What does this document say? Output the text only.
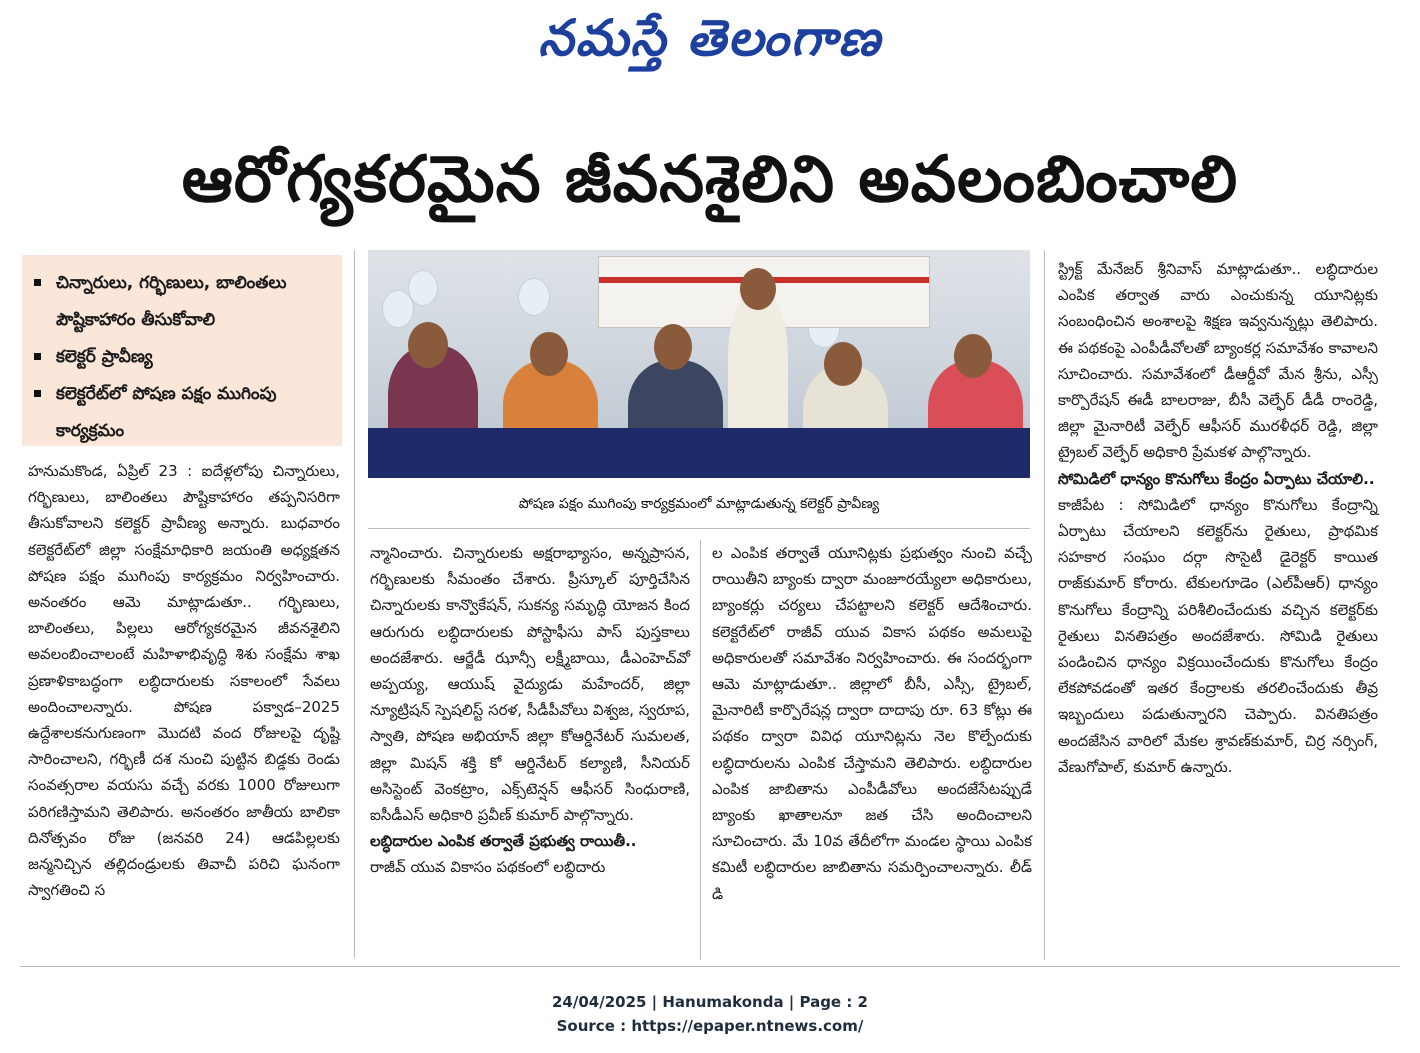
నమస్తే తెలంగాణ
ఆరోగ్యకరమైన జీవనశైలిని అవలంబించాలి
చిన్నారులు, గర్భిణులు, బాలింతలు పౌష్టికాహారం తీసుకోవాలి
కలెక్టర్ ప్రావీణ్య
కలెక్టరేట్‌లో పోషణ పక్షం ముగింపు కార్యక్రమం
పోషణ పక్షం ముగింపు కార్యక్రమంలో మాట్లాడుతున్న కలెక్టర్ ప్రావీణ్య

హనుమకొండ, ఏప్రిల్ 23 : ఐదేళ్లలోపు చిన్నారులు, గర్భిణులు, బాలింతలు పౌష్టికాహారం తప్పనిసరిగా తీసుకోవాలని కలెక్టర్ ప్రావీణ్య అన్నారు. బుధవారం కలెక్టరేట్‌లో జిల్లా సంక్షేమాధికారి జయంతి అధ్యక్షతన పోషణ పక్షం ముగింపు కార్యక్రమం నిర్వహించారు. అనంతరం ఆమె మాట్లాడుతూ.. గర్భిణులు, బాలింతలు, పిల్లలు ఆరోగ్యకరమైన జీవనశైలిని అవలంబించాలంటే మహిళాభివృద్ధి శిశు సంక్షేమ శాఖ ప్రణాళికాబద్ధంగా లబ్ధిదారులకు సకాలంలో సేవలు అందించాలన్నారు. పోషణ పక్వాడ–2025 ఉద్దేశాలకనుగుణంగా మొదటి వంద రోజులపై దృష్టి సారించాలని, గర్భిణీ దశ నుంచి పుట్టిన బిడ్డకు రెండు సంవత్సరాల వయసు వచ్చే వరకు 1000 రోజులుగా పరిగణిస్తామని తెలిపారు. అనంతరం జాతీయ బాలికా దినోత్సవం రోజు (జనవరి 24) ఆడపిల్లలకు జన్మనిచ్చిన తల్లిదండ్రులకు తివాచీ పరిచి ఘనంగా స్వాగతించి స

న్మానించారు. చిన్నారులకు అక్షరాభ్యాసం, అన్నప్రాసన, గర్భిణులకు సీమంతం చేశారు. ప్రీస్కూల్ పూర్తిచేసిన చిన్నారులకు కాన్వొకేషన్, సుకన్య సమృద్ధి యోజన కింద ఆరుగురు లబ్ధిదారులకు పోస్టాఫీసు పాస్ పుస్తకాలు అందజేశారు. ఆర్జేడీ ఝాన్సీ లక్ష్మీబాయి, డీఎంహెచ్‌వో అప్పయ్య, ఆయుష్ వైద్యుడు మహేందర్, జిల్లా న్యూట్రిషన్ స్పెషలిస్ట్ సరళ, సీడీపీవోలు విశ్వజ, స్వరూప, స్వాతి, పోషణ అభియాన్ జిల్లా కోఆర్డినేటర్ సుమలత, జిల్లా మిషన్ శక్తి కో ఆర్డినేటర్ కల్యాణి, సీనియర్ అసిస్టెంట్ వెంకట్రాం, ఎక్స్‌టెన్షన్ ఆఫీసర్ సింధురాణి, ఐసీడీఎస్ అధికారి ప్రవీణ్ కుమార్ పాల్గొన్నారు.

లబ్ధిదారుల ఎంపిక తర్వాతే ప్రభుత్వ రాయితీ..

రాజీవ్ యువ వికాసం పథకంలో లబ్ధిదారు

ల ఎంపిక తర్వాతే యూనిట్లకు ప్రభుత్వం నుంచి వచ్చే రాయితీని బ్యాంకు ద్వారా మంజూరయ్యేలా అధికారులు, బ్యాంకర్లు చర్యలు చేపట్టాలని కలెక్టర్ ఆదేశించారు. కలెక్టరేట్‌లో రాజీవ్ యువ వికాస పథకం అమలుపై అధికారులతో సమావేశం నిర్వహించారు. ఈ సందర్భంగా ఆమె మాట్లాడుతూ.. జిల్లాలో బీసీ, ఎస్సీ, ట్రైబల్, మైనారిటీ కార్పొరేషన్ల ద్వారా దాదాపు రూ. 63 కోట్లు ఈ పథకం ద్వారా వివిధ యూనిట్లను నెల కొల్పేందుకు లబ్ధిదారులను ఎంపిక చేస్తామని తెలిపారు. లబ్ధిదారుల ఎంపిక జాబితాను ఎంపీడీవోలు అందజేసేటప్పుడే బ్యాంకు ఖాతాలనూ జత చేసి అందించాలని సూచించారు. మే 10వ తేదీలోగా మండల స్థాయి ఎంపిక కమిటీ లబ్ధిదారుల జాబితాను సమర్పించాలన్నారు. లీడ్ డి

స్ట్రిక్ట్ మేనేజర్ శ్రీనివాస్ మాట్లాడుతూ.. లబ్ధిదారుల ఎంపిక తర్వాత వారు ఎంచుకున్న యూనిట్లకు సంబంధించిన అంశాలపై శిక్షణ ఇవ్వనున్నట్లు తెలిపారు. ఈ పథకంపై ఎంపీడీవోలతో బ్యాంకర్ల సమావేశం కావాలని సూచించారు. సమావేశంలో డీఆర్డీవో మేన శ్రీను, ఎస్సీ కార్పొరేషన్ ఈడీ బాలరాజు, బీసీ వెల్ఫేర్ డీడీ రాంరెడ్డి, జిల్లా మైనారిటీ వెల్ఫేర్ ఆఫీసర్ మురళీధర్ రెడ్డి, జిల్లా ట్రైబల్ వెల్ఫేర్ అధికారి ప్రేమకళ పాల్గొన్నారు.

సోమిడిలో ధాన్యం కొనుగోలు కేంద్రం ఏర్పాటు చేయాలి..

కాజీపేట : సోమిడిలో ధాన్యం కొనుగోలు కేంద్రాన్ని ఏర్పాటు చేయాలని కలెక్టర్‌ను రైతులు, ప్రాథమిక సహకార సంఘం దర్గా సొసైటీ డైరెక్టర్ కాయిత రాజ్‌కుమార్ కోరారు. టేకులగూడెం (ఎల్‌పీఆర్) ధాన్యం కొనుగోలు కేంద్రాన్ని పరిశీలించేందుకు వచ్చిన కలెక్టర్‌కు రైతులు వినతిపత్రం అందజేశారు. సోమిడి రైతులు పండించిన ధాన్యం విక్రయించేందుకు కొనుగోలు కేంద్రం లేకపోవడంతో ఇతర కేంద్రాలకు తరలించేందుకు తీవ్ర ఇబ్బందులు పడుతున్నారని చెప్పారు. వినతిపత్రం అందజేసిన వారిలో మేకల శ్రావణ్‌కుమార్, చిర్ర నర్సింగ్, వేణుగోపాల్, కుమార్ ఉన్నారు.

24/04/2025 | Hanumakonda | Page : 2
Source : https://epaper.ntnews.com/
